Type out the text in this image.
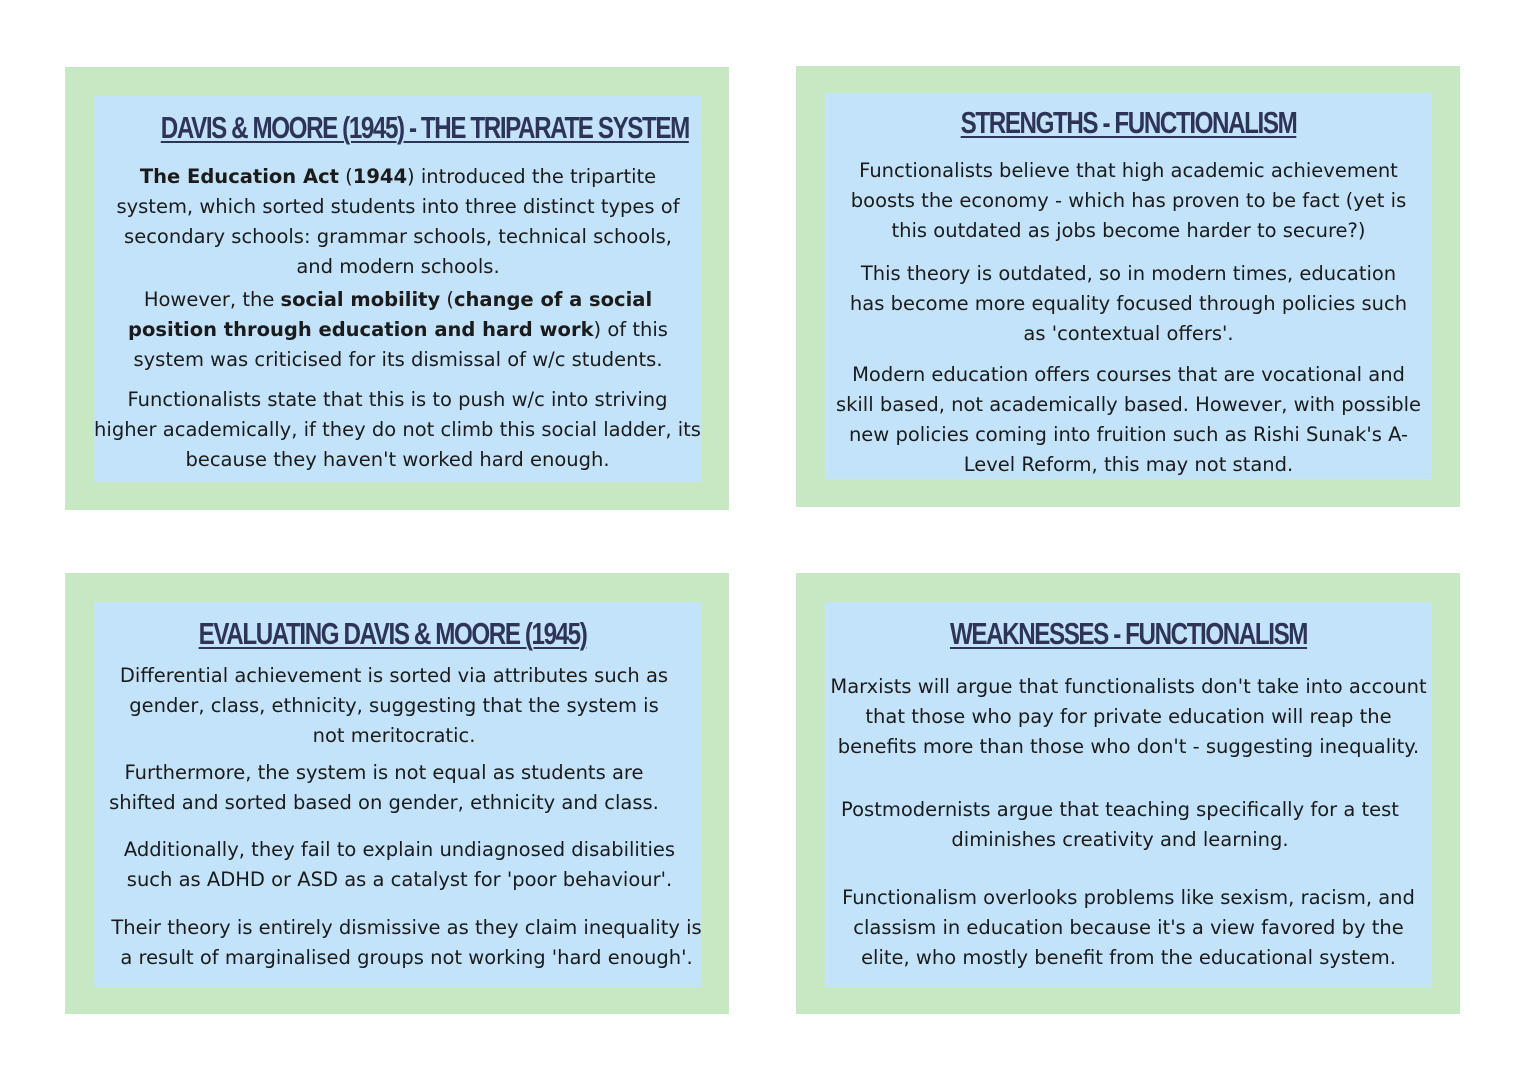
DAVIS & MOORE (1945) - THE TRIPARATE SYSTEM

The Education Act (1944) introduced the tripartite system, which sorted students into three distinct types of secondary schools: grammar schools, technical schools, and modern schools.

However, the social mobility (change of a social position through education and hard work) of this system was criticised for its dismissal of w/c students.

Functionalists state that this is to push w/c into striving higher academically, if they do not climb this social ladder, its because they haven't worked hard enough.

STRENGTHS - FUNCTIONALISM

Functionalists believe that high academic achievement boosts the economy - which has proven to be fact (yet is this outdated as jobs become harder to secure?)

This theory is outdated, so in modern times, education has become more equality focused through policies such as 'contextual offers'.

Modern education offers courses that are vocational and skill based, not academically based. However, with possible new policies coming into fruition such as Rishi Sunak's A-Level Reform, this may not stand.

EVALUATING DAVIS & MOORE (1945)

Differential achievement is sorted via attributes such as gender, class, ethnicity, suggesting that the system is not meritocratic.

Furthermore, the system is not equal as students are shifted and sorted based on gender, ethnicity and class.

Additionally, they fail to explain undiagnosed disabilities such as ADHD or ASD as a catalyst for 'poor behaviour'.

Their theory is entirely dismissive as they claim inequality is a result of marginalised groups not working 'hard enough'.

WEAKNESSES - FUNCTIONALISM

Marxists will argue that functionalists don't take into account that those who pay for private education will reap the benefits more than those who don't - suggesting inequality.

Postmodernists argue that teaching specifically for a test diminishes creativity and learning.

Functionalism overlooks problems like sexism, racism, and classism in education because it's a view favored by the elite, who mostly benefit from the educational system.
